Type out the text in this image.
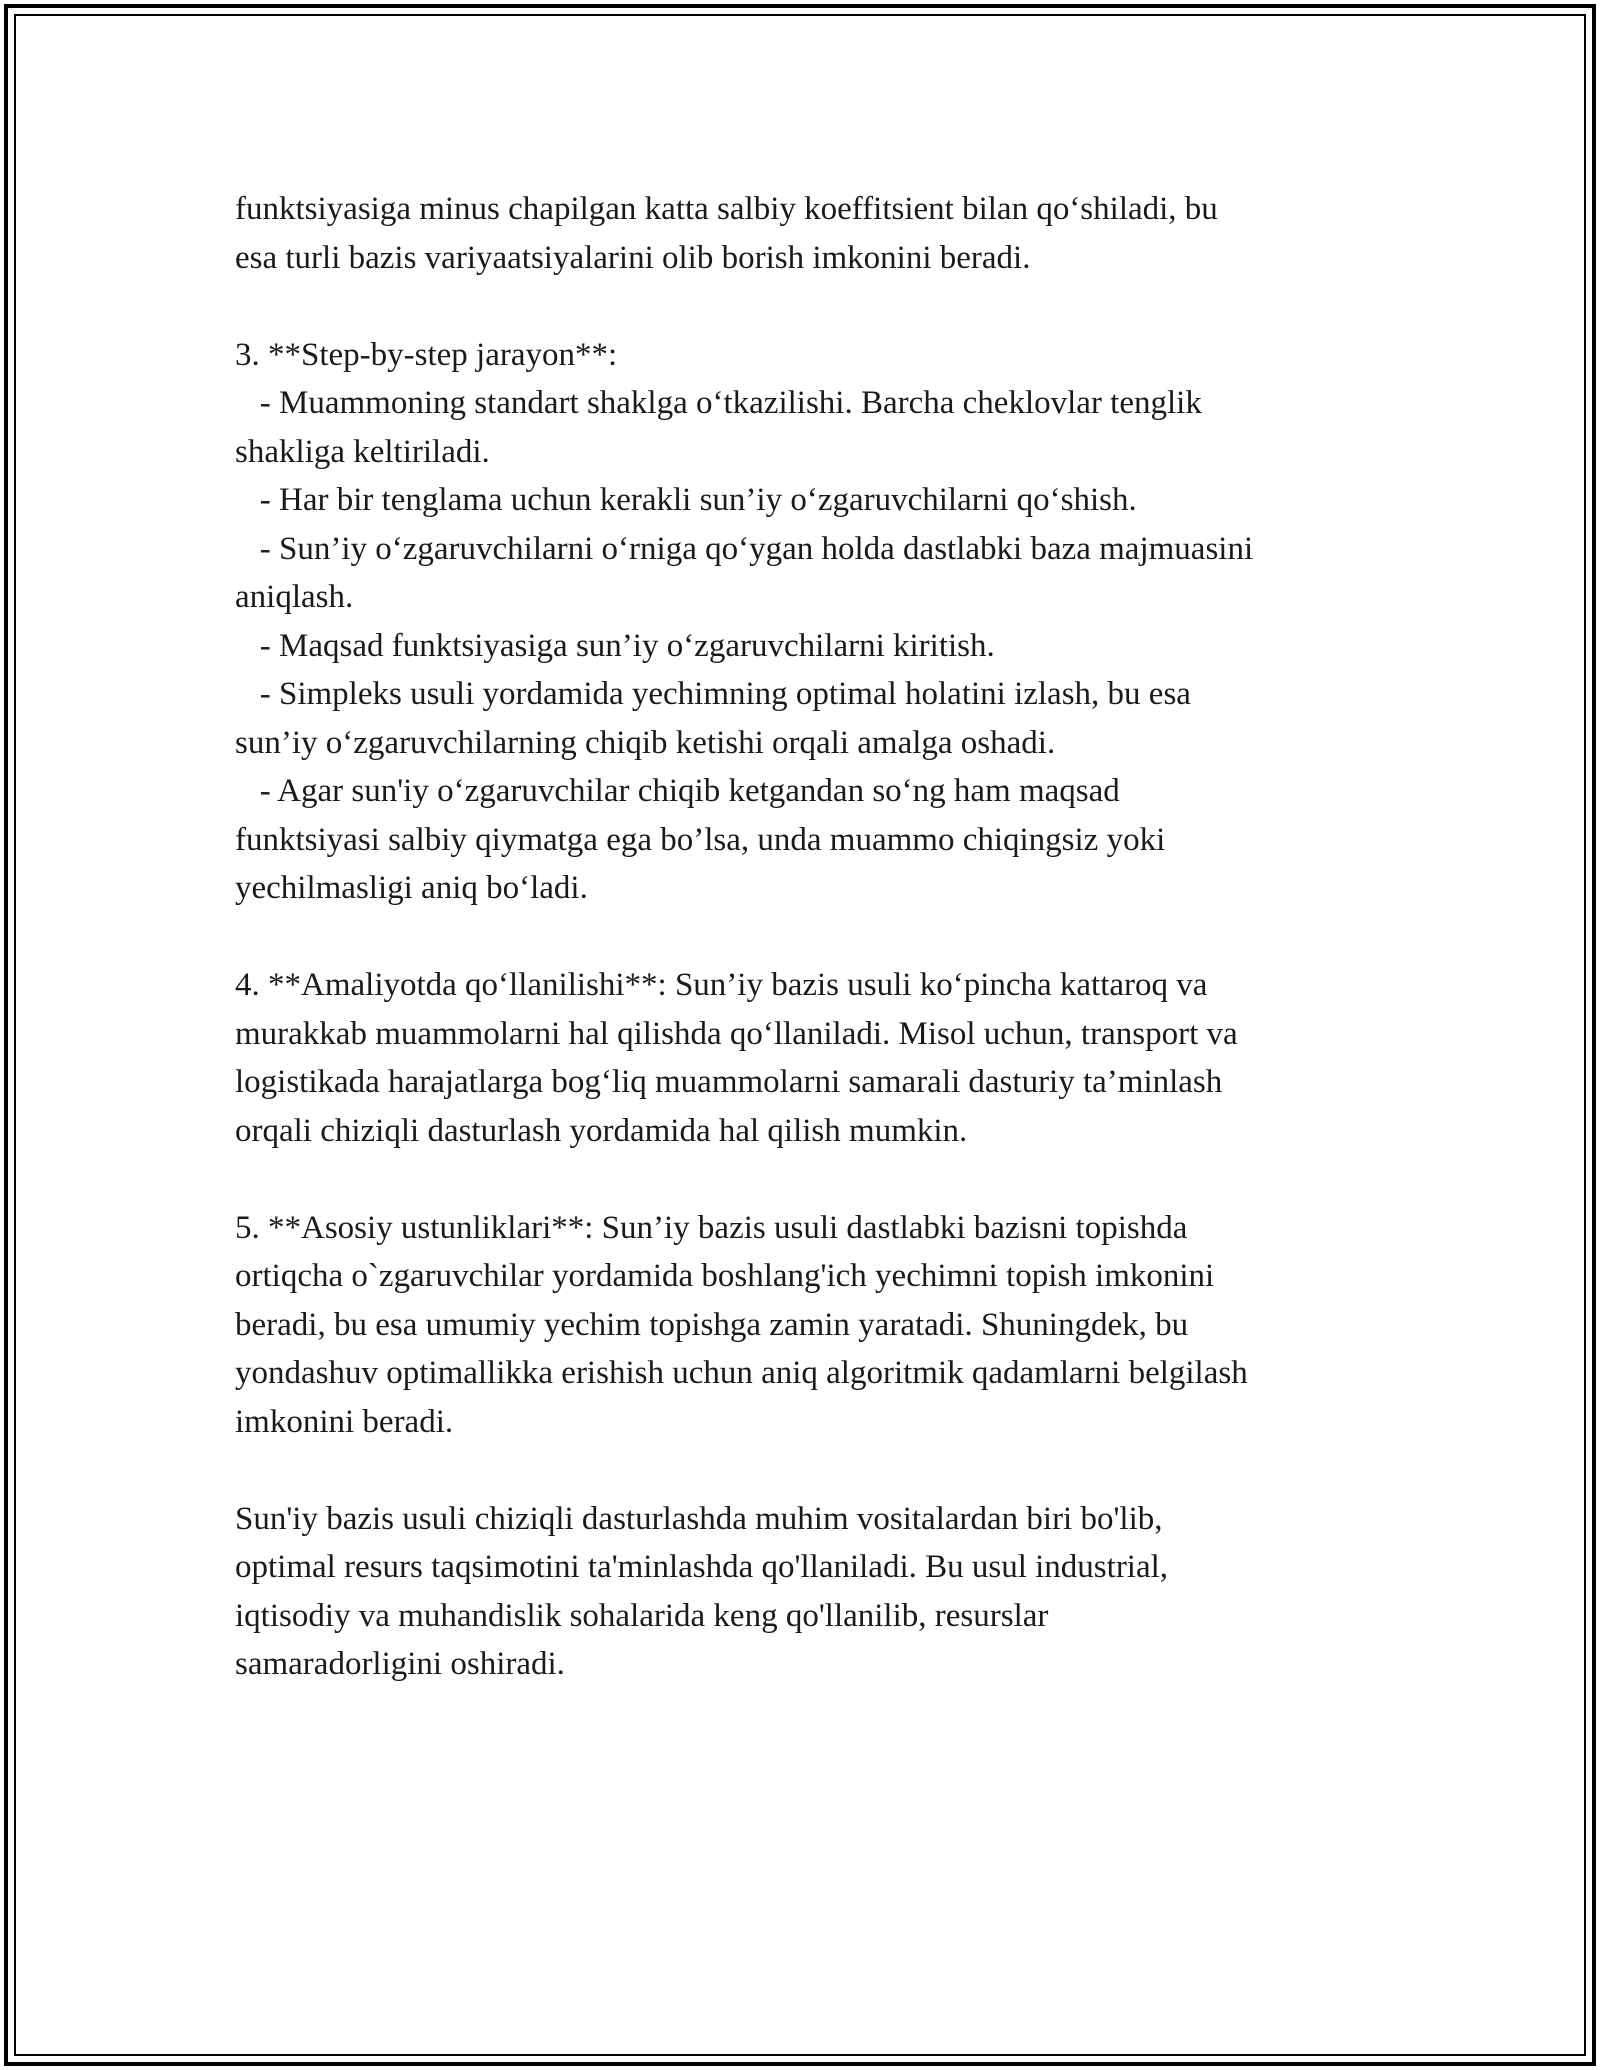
funktsiyasiga minus chapilgan katta salbiy koeffitsient bilan qo‘shiladi, bu
esa turli bazis variyaatsiyalarini olib borish imkonini beradi.
3. **Step-by-step jarayon**:
- Muammoning standart shaklga o‘tkazilishi. Barcha cheklovlar tenglik
shakliga keltiriladi.
- Har bir tenglama uchun kerakli sun’iy o‘zgaruvchilarni qo‘shish.
- Sun’iy o‘zgaruvchilarni o‘rniga qo‘ygan holda dastlabki baza majmuasini
aniqlash.
- Maqsad funktsiyasiga sun’iy o‘zgaruvchilarni kiritish.
- Simpleks usuli yordamida yechimning optimal holatini izlash, bu esa
sun’iy o‘zgaruvchilarning chiqib ketishi orqali amalga oshadi.
- Agar sun'iy o‘zgaruvchilar chiqib ketgandan so‘ng ham maqsad
funktsiyasi salbiy qiymatga ega bo’lsa, unda muammo chiqingsiz yoki
yechilmasligi aniq bo‘ladi.
4. **Amaliyotda qo‘llanilishi**: Sun’iy bazis usuli ko‘pincha kattaroq va
murakkab muammolarni hal qilishda qo‘llaniladi. Misol uchun, transport va
logistikada harajatlarga bog‘liq muammolarni samarali dasturiy ta’minlash
orqali chiziqli dasturlash yordamida hal qilish mumkin.
5. **Asosiy ustunliklari**: Sun’iy bazis usuli dastlabki bazisni topishda
ortiqcha o`zgaruvchilar yordamida boshlang'ich yechimni topish imkonini
beradi, bu esa umumiy yechim topishga zamin yaratadi. Shuningdek, bu
yondashuv optimallikka erishish uchun aniq algoritmik qadamlarni belgilash
imkonini beradi.
Sun'iy bazis usuli chiziqli dasturlashda muhim vositalardan biri bo'lib,
optimal resurs taqsimotini ta'minlashda qo'llaniladi. Bu usul industrial,
iqtisodiy va muhandislik sohalarida keng qo'llanilib, resurslar
samaradorligini oshiradi.
